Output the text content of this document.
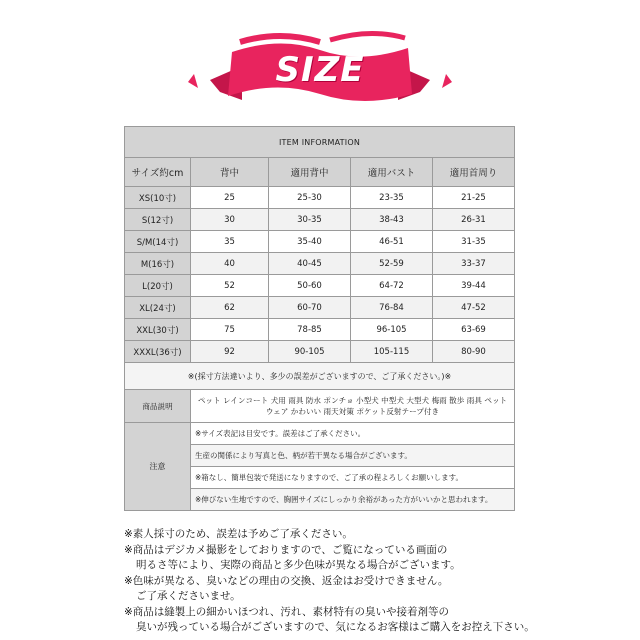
SIZE
ITEM INFORMATION				
サイズ約cm	背中	適用背中	適用バスト	適用首周り
XS(10寸)	25	25-30	23-35	21-25
S(12寸)	30	30-35	38-43	26-31
S/M(14寸)	35	35-40	46-51	31-35
M(16寸)	40	40-45	52-59	33-37
L(20寸)	52	50-60	64-72	39-44
XL(24寸)	62	60-70	76-84	47-52
XXL(30寸)	75	78-85	96-105	63-69
XXXL(36寸)	92	90-105	105-115	80-90
※(採寸方法違いより、多少の誤差がございますので、ご了承ください。)※				
商品説明	ペット レインコート 犬用 雨具 防水 ポンチョ 小型犬 中型犬 大型犬 梅雨 散歩 雨具 ペットウェア かわいい 雨天対策 ポケット反射テープ付き			
注意	※サイズ表記は目安です。誤差はご了承ください。			
	生産の関係により写真と色、柄が若干異なる場合がございます。			
	※箱なし、簡単包装で発送になりますので、ご了承の程よろしくお願いします。			
	※伸びない生地ですので、胸囲サイズにしっかり余裕があった方がいいかと思われます。			
※素人採寸のため、誤差は予めご了承ください。
※商品はデジカメ撮影をしておりますので、ご覧になっている画面の
明るさ等により、実際の商品と多少色味が異なる場合がございます。
※色味が異なる、臭いなどの理由の交換、返金はお受けできません。
ご了承くださいませ。
※商品は縫製上の細かいほつれ、汚れ、素材特有の臭いや接着剤等の
臭いが残っている場合がございますので、気になるお客様はご購入をお控え下さい。
